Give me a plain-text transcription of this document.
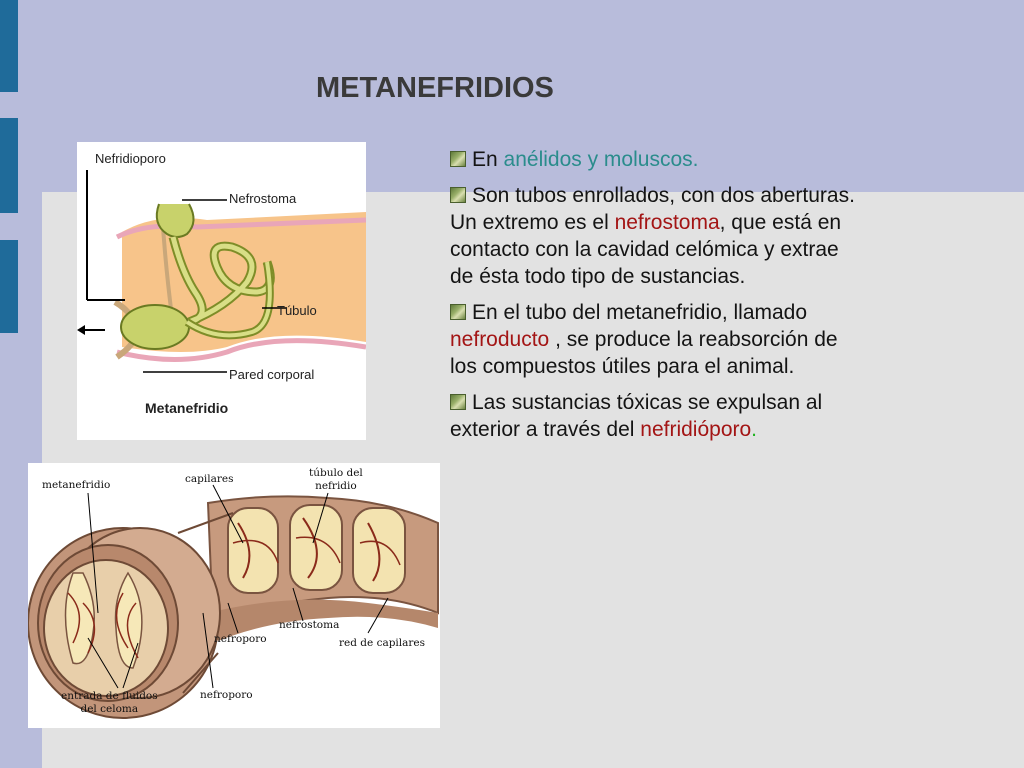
METANEFRIDIOS
En anélidos y moluscos.
Son tubos enrollados, con dos aberturas. Un extremo es el nefrostoma, que está en contacto con la cavidad celómica y extrae de ésta todo tipo de sustancias.
En el tubo del metanefridio, llamado nefroducto , se produce la reabsorción de los compuestos útiles para el animal.
Las sustancias tóxicas se expulsan al exterior a través del nefridióporo.
Nefridioporo
Nefrostoma
Túbulo
Pared corporal
Metanefridio
metanefridio	capilares	túbulo del
nefridio
nefroporo
nefrostoma
red de capilares
entrada de fluidos
del celoma
nefroporo
